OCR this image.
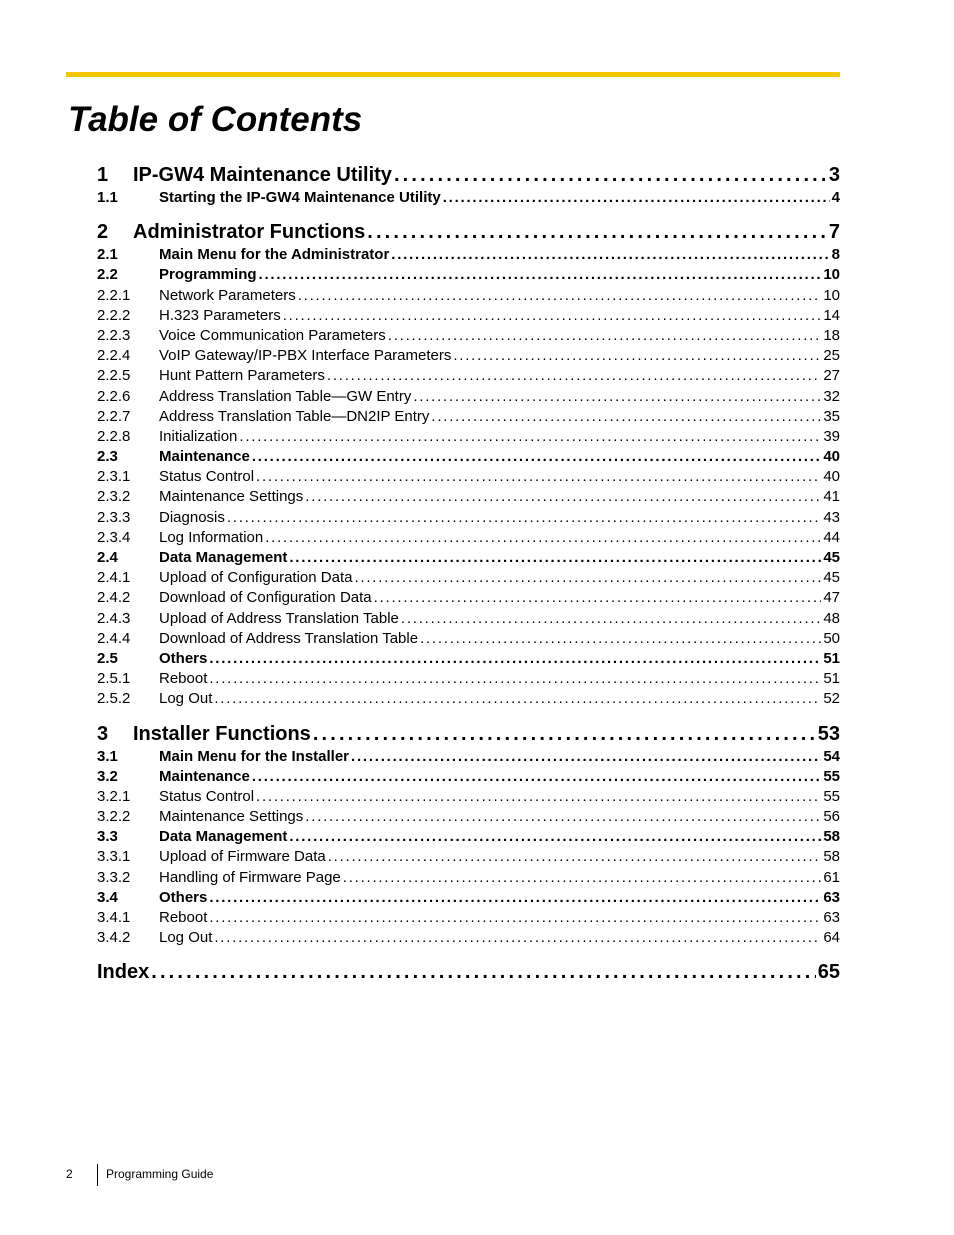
Table of Contents
1	IP-GW4 Maintenance Utility . . .	3
1.1	Starting the IP-GW4 Maintenance Utility . . .	4
2	Administrator Functions . . .	7
2.1	Main Menu for the Administrator . . .	8
2.2	Programming . . .	10
2.2.1	Network Parameters . . .	10
2.2.2	H.323 Parameters . . .	14
2.2.3	Voice Communication Parameters . . .	18
2.2.4	VoIP Gateway/IP-PBX Interface Parameters . . .	25
2.2.5	Hunt Pattern Parameters . . .	27
2.2.6	Address Translation Table—GW Entry . . .	32
2.2.7	Address Translation Table—DN2IP Entry . . .	35
2.2.8	Initialization . . .	39
2.3	Maintenance . . .	40
2.3.1	Status Control . . .	40
2.3.2	Maintenance Settings . . .	41
2.3.3	Diagnosis . . .	43
2.3.4	Log Information . . .	44
2.4	Data Management . . .	45
2.4.1	Upload of Configuration Data . . .	45
2.4.2	Download of Configuration Data . . .	47
2.4.3	Upload of Address Translation Table . . .	48
2.4.4	Download of Address Translation Table . . .	50
2.5	Others . . .	51
2.5.1	Reboot . . .	51
2.5.2	Log Out . . .	52
3	Installer Functions . . .	53
3.1	Main Menu for the Installer . . .	54
3.2	Maintenance . . .	55
3.2.1	Status Control . . .	55
3.2.2	Maintenance Settings . . .	56
3.3	Data Management . . .	58
3.3.1	Upload of Firmware Data . . .	58
3.3.2	Handling of Firmware Page . . .	61
3.4	Others . . .	63
3.4.1	Reboot . . .	63
3.4.2	Log Out . . .	64
Index . . .	65
2	Programming Guide
